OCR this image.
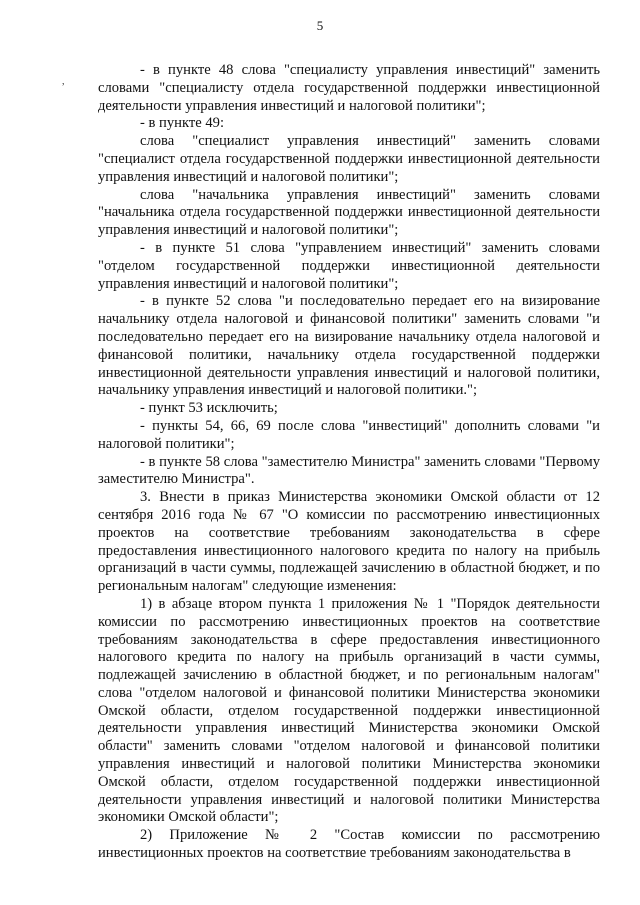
5
,

- в пункте 48 слова "специалисту управления инвестиций" заменить словами "специалисту отдела государственной поддержки инвестиционной деятельности управления инвестиций и налоговой политики";

- в пункте 49:

слова "специалист управления инвестиций" заменить словами "специалист отдела государственной поддержки инвестиционной деятельности управления инвестиций и налоговой политики";

слова "начальника управления инвестиций" заменить словами "начальника отдела государственной поддержки инвестиционной деятельности управления инвестиций и налоговой политики";

- в пункте 51 слова "управлением инвестиций" заменить словами "отделом государственной поддержки инвестиционной деятельности управления инвестиций и налоговой политики";

- в пункте 52 слова "и последовательно передает его на визирование начальнику отдела налоговой и финансовой политики" заменить словами "и последовательно передает его на визирование начальнику отдела налоговой и финансовой политики, начальнику отдела государственной поддержки инвестиционной деятельности управления инвестиций и налоговой политики, начальнику управления инвестиций и налоговой политики.";

- пункт 53 исключить;

- пункты 54, 66, 69 после слова "инвестиций" дополнить словами "и налоговой политики";

- в пункте 58 слова "заместителю Министра" заменить словами "Первому заместителю Министра".

3. Внести в приказ Министерства экономики Омской области от 12 сентября 2016 года № 67 "О комиссии по рассмотрению инвестиционных проектов на соответствие требованиям законодательства в сфере предоставления инвестиционного налогового кредита по налогу на прибыль организаций в части суммы, подлежащей зачислению в областной бюджет, и по региональным налогам" следующие изменения:

1) в абзаце втором пункта 1 приложения № 1 "Порядок деятельности комиссии по рассмотрению инвестиционных проектов на соответствие требованиям законодательства в сфере предоставления инвестиционного налогового кредита по налогу на прибыль организаций в части суммы, подлежащей зачислению в областной бюджет, и по региональным налогам" слова "отделом налоговой и финансовой политики Министерства экономики Омской области, отделом государственной поддержки инвестиционной деятельности управления инвестиций Министерства экономики Омской области" заменить словами "отделом налоговой и финансовой политики управления инвестиций и налоговой политики Министерства экономики Омской области, отделом государственной поддержки инвестиционной деятельности управления инвестиций и налоговой политики Министерства экономики Омской области";

2) Приложение № 2 "Состав комиссии по рассмотрению инвестиционных проектов на соответствие требованиям законодательства в
